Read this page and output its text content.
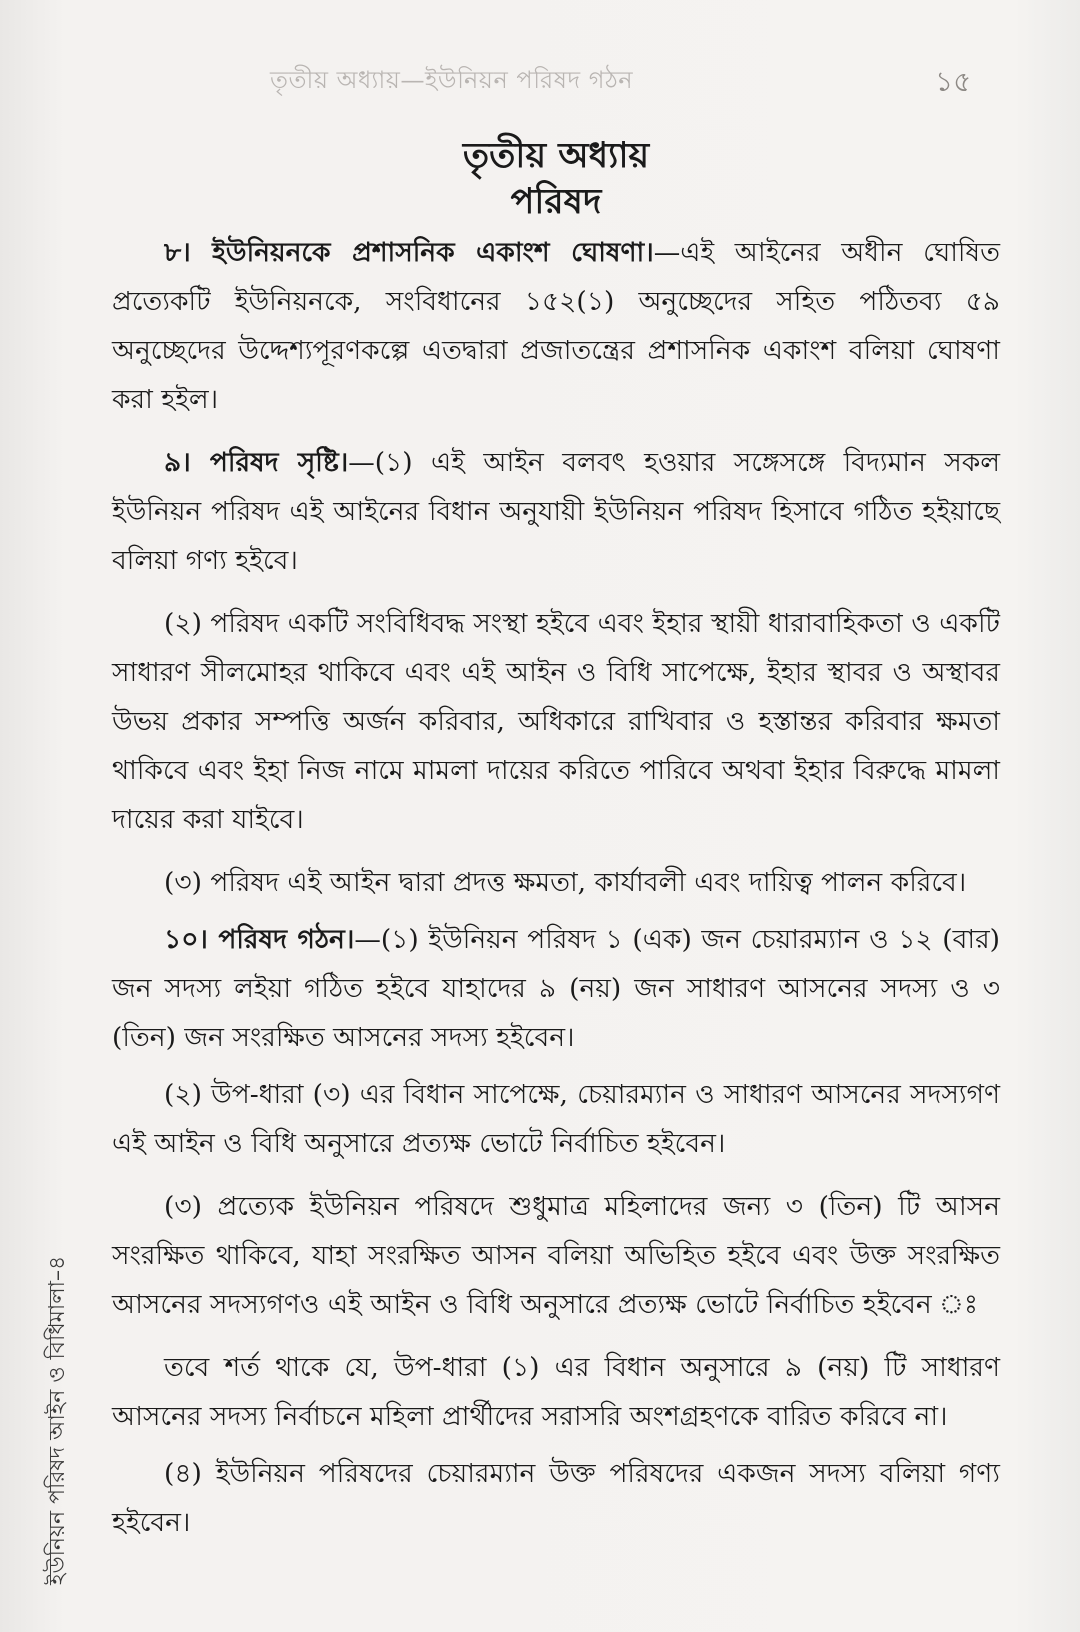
তৃতীয় অধ্যায়—ইউনিয়ন পরিষদ গঠন	১৫
ইউনিয়ন পরিষদ আইন ও বিধিমালা–৪
তৃতীয় অধ্যায়
পরিষদ

৮। ইউনিয়নকে প্রশাসনিক একাংশ ঘোষণা।—এই আইনের অধীন ঘোষিত প্রত্যেকটি ইউনিয়নকে, সংবিধানের ১৫২(১) অনুচ্ছেদের সহিত পঠিতব্য ৫৯ অনুচ্ছেদের উদ্দেশ্যপূরণকল্পে এতদ্বারা প্রজাতন্ত্রের প্রশাসনিক একাংশ বলিয়া ঘোষণা করা হইল।

৯। পরিষদ সৃষ্টি।—(১) এই আইন বলবৎ হওয়ার সঙ্গেসঙ্গে বিদ্যমান সকল ইউনিয়ন পরিষদ এই আইনের বিধান অনুযায়ী ইউনিয়ন পরিষদ হিসাবে গঠিত হইয়াছে বলিয়া গণ্য হইবে।

(২) পরিষদ একটি সংবিধিবদ্ধ সংস্থা হইবে এবং ইহার স্থায়ী ধারাবাহিকতা ও একটি সাধারণ সীলমোহর থাকিবে এবং এই আইন ও বিধি সাপেক্ষে, ইহার স্থাবর ও অস্থাবর উভয় প্রকার সম্পত্তি অর্জন করিবার, অধিকারে রাখিবার ও হস্তান্তর করিবার ক্ষমতা থাকিবে এবং ইহা নিজ নামে মামলা দায়ের করিতে পারিবে অথবা ইহার বিরুদ্ধে মামলা দায়ের করা যাইবে।

(৩) পরিষদ এই আইন দ্বারা প্রদত্ত ক্ষমতা, কার্যাবলী এবং দায়িত্ব পালন করিবে।

১০। পরিষদ গঠন।—(১) ইউনিয়ন পরিষদ ১ (এক) জন চেয়ারম্যান ও ১২ (বার) জন সদস্য লইয়া গঠিত হইবে যাহাদের ৯ (নয়) জন সাধারণ আসনের সদস্য ও ৩ (তিন) জন সংরক্ষিত আসনের সদস্য হইবেন।

(২) উপ-ধারা (৩) এর বিধান সাপেক্ষে, চেয়ারম্যান ও সাধারণ আসনের সদস্যগণ এই আইন ও বিধি অনুসারে প্রত্যক্ষ ভোটে নির্বাচিত হইবেন।

(৩) প্রত্যেক ইউনিয়ন পরিষদে শুধুমাত্র মহিলাদের জন্য ৩ (তিন) টি আসন সংরক্ষিত থাকিবে, যাহা সংরক্ষিত আসন বলিয়া অভিহিত হইবে এবং উক্ত সংরক্ষিত আসনের সদস্যগণও এই আইন ও বিধি অনুসারে প্রত্যক্ষ ভোটে নির্বাচিত হইবেন ঃ

তবে শর্ত থাকে যে, উপ-ধারা (১) এর বিধান অনুসারে ৯ (নয়) টি সাধারণ আসনের সদস্য নির্বাচনে মহিলা প্রার্থীদের সরাসরি অংশগ্রহণকে বারিত করিবে না।

(৪) ইউনিয়ন পরিষদের চেয়ারম্যান উক্ত পরিষদের একজন সদস্য বলিয়া গণ্য হইবেন।
